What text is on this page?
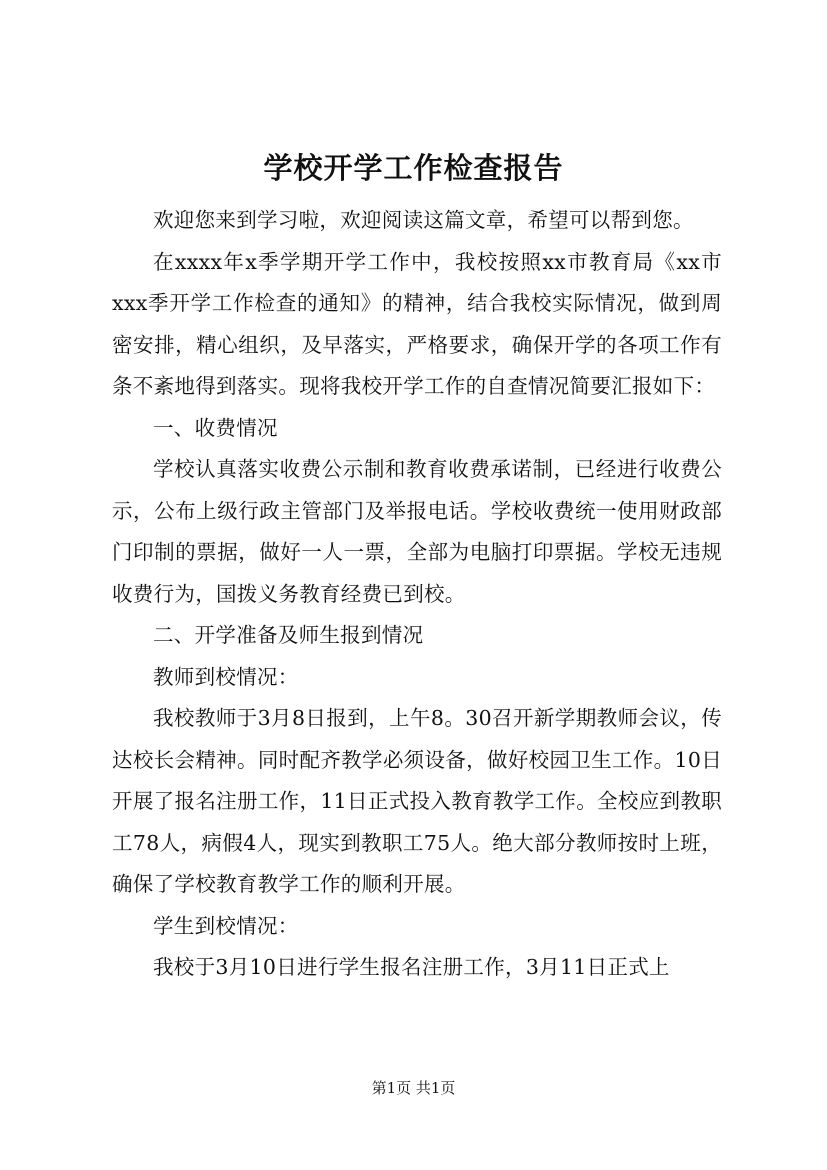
学校开学工作检查报告

欢迎您来到学习啦，欢迎阅读这篇文章，希望可以帮到您。

在xxxx年x季学期开学工作中，我校按照xx市教育局《xx市xxx季开学工作检查的通知》的精神，结合我校实际情况，做到周密安排，精心组织，及早落实，严格要求，确保开学的各项工作有条不紊地得到落实。现将我校开学工作的自查情况简要汇报如下：

一、收费情况

学校认真落实收费公示制和教育收费承诺制，已经进行收费公示，公布上级行政主管部门及举报电话。学校收费统一使用财政部门印制的票据，做好一人一票，全部为电脑打印票据。学校无违规收费行为，国拨义务教育经费已到校。

二、开学准备及师生报到情况

教师到校情况：

我校教师于3月8日报到，上午8。30召开新学期教师会议，传达校长会精神。同时配齐教学必须设备，做好校园卫生工作。10日开展了报名注册工作，11日正式投入教育教学工作。全校应到教职工78人，病假4人，现实到教职工75人。绝大部分教师按时上班，确保了学校教育教学工作的顺利开展。

学生到校情况：

我校于3月10日进行学生报名注册工作，3月11日正式上

第1页 共1页
